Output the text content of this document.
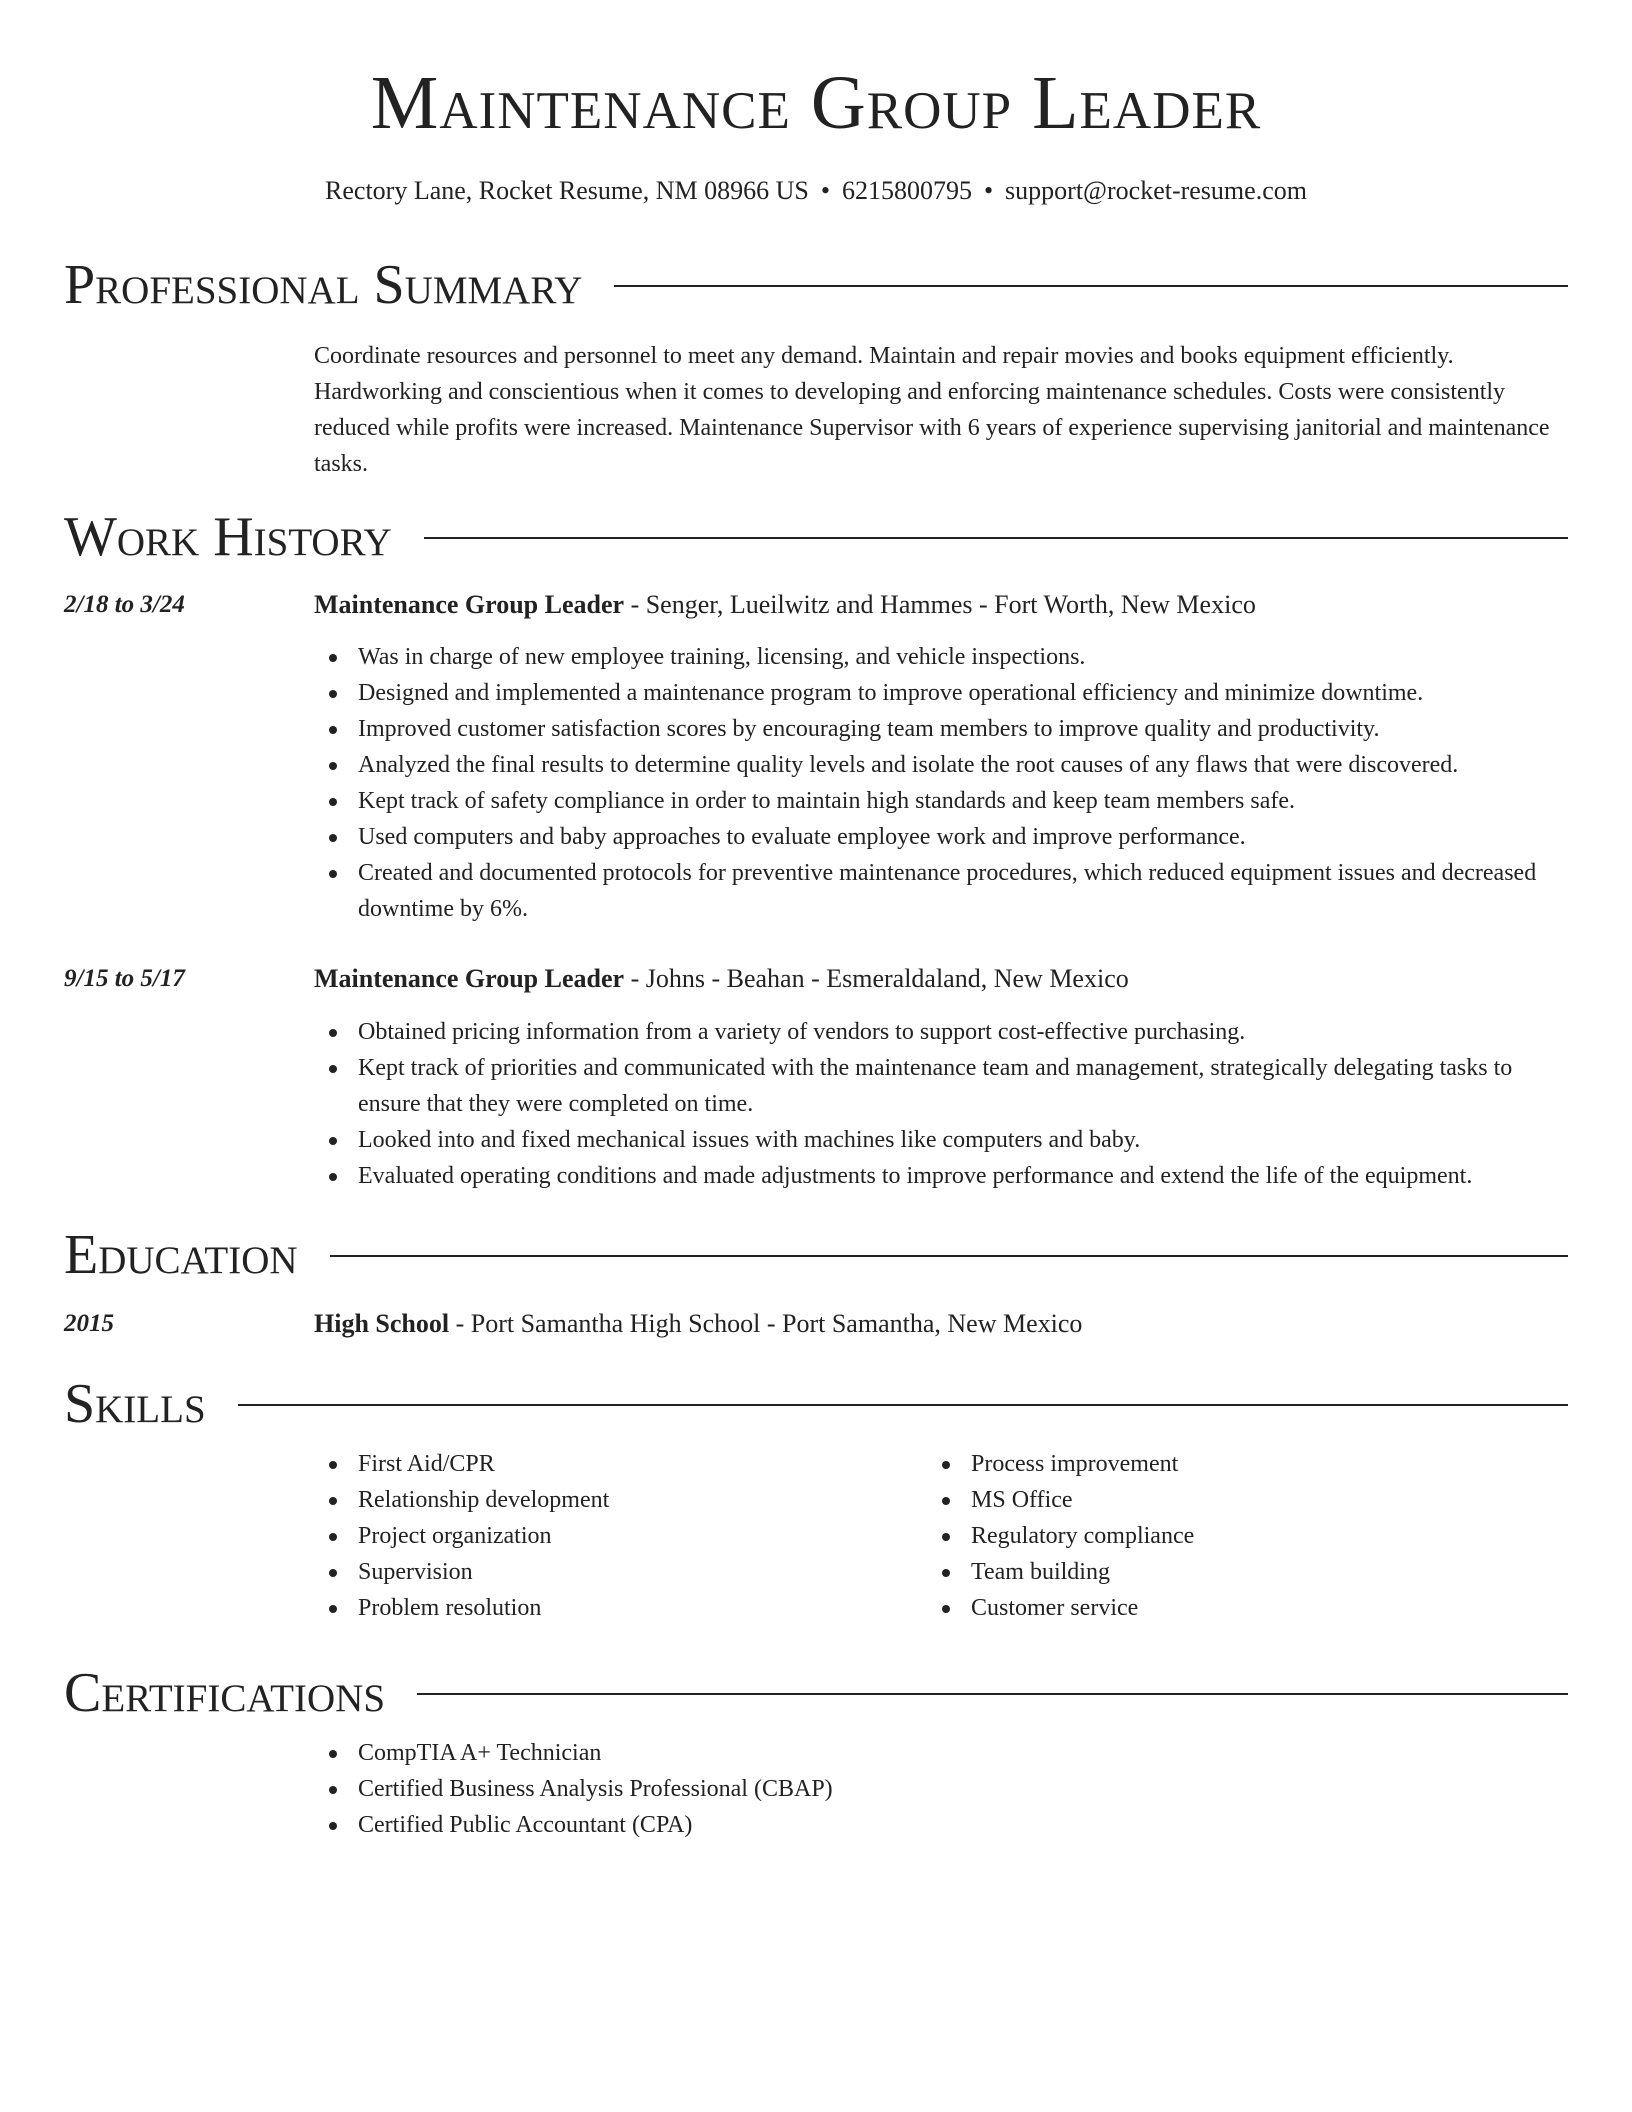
Maintenance Group Leader
Rectory Lane, Rocket Resume, NM 08966 US • 6215800795 • support@rocket-resume.com
Professional Summary

Coordinate resources and personnel to meet any demand. Maintain and repair movies and books equipment efficiently. Hardworking and conscientious when it comes to developing and enforcing maintenance schedules. Costs were consistently reduced while profits were increased. Maintenance Supervisor with 6 years of experience supervising janitorial and maintenance tasks.

Work History
2/18 to 3/24	Maintenance Group Leader - Senger, Lueilwitz and Hammes - Fort Worth, New Mexico
Was in charge of new employee training, licensing, and vehicle inspections.
Designed and implemented a maintenance program to improve operational efficiency and minimize downtime.
Improved customer satisfaction scores by encouraging team members to improve quality and productivity.
Analyzed the final results to determine quality levels and isolate the root causes of any flaws that were discovered.
Kept track of safety compliance in order to maintain high standards and keep team members safe.
Used computers and baby approaches to evaluate employee work and improve performance.
Created and documented protocols for preventive maintenance procedures, which reduced equipment issues and decreased downtime by 6%.
9/15 to 5/17	Maintenance Group Leader - Johns - Beahan - Esmeraldaland, New Mexico
Obtained pricing information from a variety of vendors to support cost-effective purchasing.
Kept track of priorities and communicated with the maintenance team and management, strategically delegating tasks to ensure that they were completed on time.
Looked into and fixed mechanical issues with machines like computers and baby.
Evaluated operating conditions and made adjustments to improve performance and extend the life of the equipment.
Education
2015	High School - Port Samantha High School - Port Samantha, New Mexico
Skills
First Aid/CPR
Relationship development
Project organization
Supervision
Problem resolution
Process improvement
MS Office
Regulatory compliance
Team building
Customer service
Certifications
CompTIA A+ Technician
Certified Business Analysis Professional (CBAP)
Certified Public Accountant (CPA)
